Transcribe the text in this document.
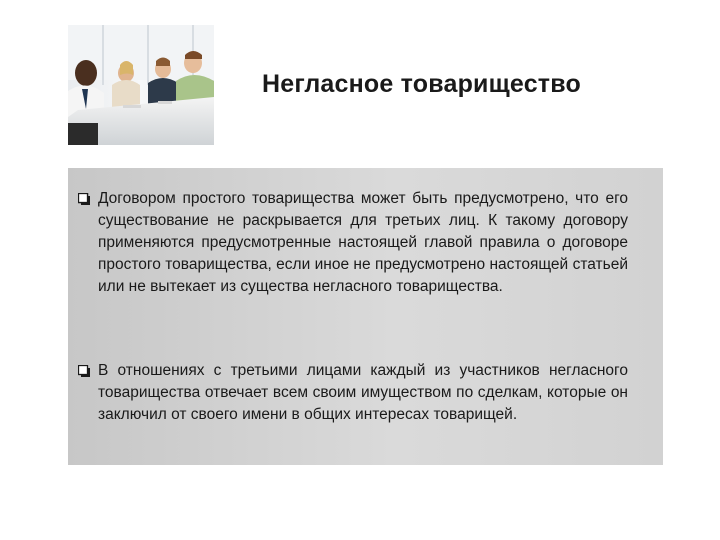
Негласное товарищество
Договором простого товарищества может быть предусмотрено, что его существование не раскрывается для третьих лиц. К такому договору применяются предусмотренные настоящей главой правила о договоре простого товарищества, если иное не предусмотрено настоящей статьей или не вытекает из существа негласного товарищества.
В отношениях с третьими лицами каждый из участников негласного товарищества отвечает всем своим имуществом по сделкам, которые он заключил от своего имени в общих интересах товарищей.
